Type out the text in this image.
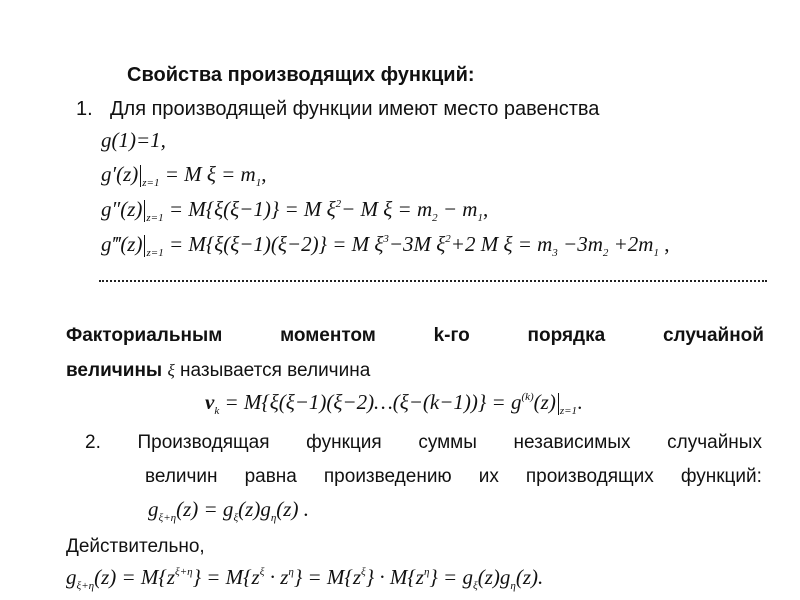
Свойства производящих функций:
1. Для производящей функции имеют место равенства
g(1)=1,
g′(z) $_{z=1}$ = M $\xi = m_1$,
g″(z) $_{z=1}$ = M{ξ(ξ−1)} = M $\xi^2- M$ $\xi = m_2 - m_1$,
g‴(z) $_{z=1}$ = M{ξ(ξ−1)(ξ−2)} = M $\xi^3-3M$ $\xi^2+2$ M $\xi = m_3 -3m_2 +2m_1$ ,
Факториальным	моментом	k-го	порядка	случайной
величины ξ называется величина
$\nu_k$ = M{ξ(ξ−1)(ξ−2)…(ξ−(k−1))} = $g^{(k)}(z)$ $_{z=1}$.
2. Производящая функция суммы независимых случайных
величин равна произведению их производящих функций:
$g_{\xi+\eta}(z) = g_\xi(z)g_\eta(z)$ .
Действительно,
$g_{\xi+\eta}(z) = M\{z^{\xi+\eta}\} = M\{z^\xi \cdot z^\eta\} = M\{z^\xi\} \cdot M\{z^\eta\} = g_\xi(z)g_\eta(z)$.
